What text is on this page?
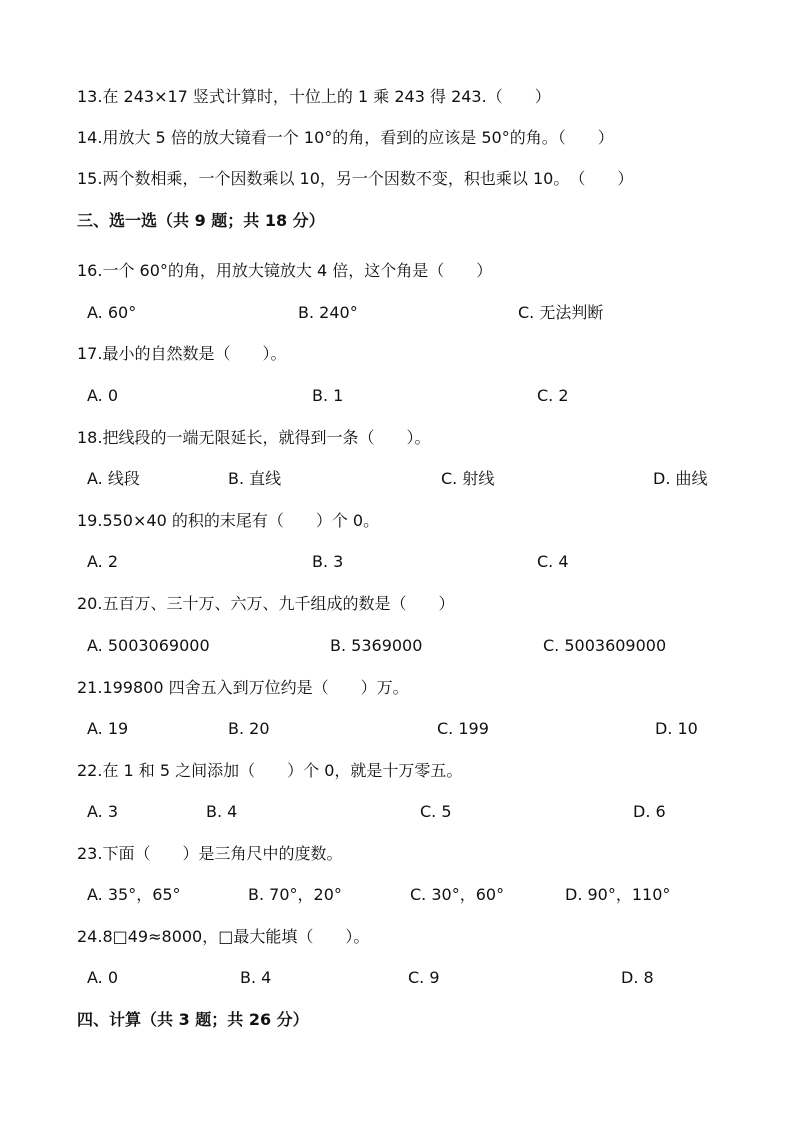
13.在 243×17 竖式计算时，十位上的 1 乘 243 得 243.（　　）
14.用放大 5 倍的放大镜看一个 10°的角，看到的应该是 50°的角。（　　）
15.两个数相乘，一个因数乘以 10，另一个因数不变，积也乘以 10。　（　　）
三、选一选（共 9 题；共 18 分）
16.一个 60°的角，用放大镜放大 4 倍，这个角是（　　）
A. 60°	B. 240°	C. 无法判断
17.最小的自然数是（　　）。
A. 0	B. 1	C. 2
18.把线段的一端无限延长，就得到一条（　　）。
A. 线段	B. 直线	C. 射线	D. 曲线
19.550×40 的积的末尾有（　　）个 0。
A. 2	B. 3	C. 4
20.五百万、三十万、六万、九千组成的数是（　　）
A. 5003069000	B. 5369000	C. 5003609000
21.199800 四舍五入到万位约是（　　）万。
A. 19	B. 20	C. 199	D. 10
22.在 1 和 5 之间添加（　　）个 0，就是十万零五。
A. 3	B. 4	C. 5	D. 6
23.下面（　　）是三角尺中的度数。
A. 35°，65°	B. 70°，20°	C. 30°，60°	D. 90°，110°
24.8□49≈8000，□最大能填（　　）。
A. 0	B. 4	C. 9	D. 8
四、计算（共 3 题；共 26 分）
